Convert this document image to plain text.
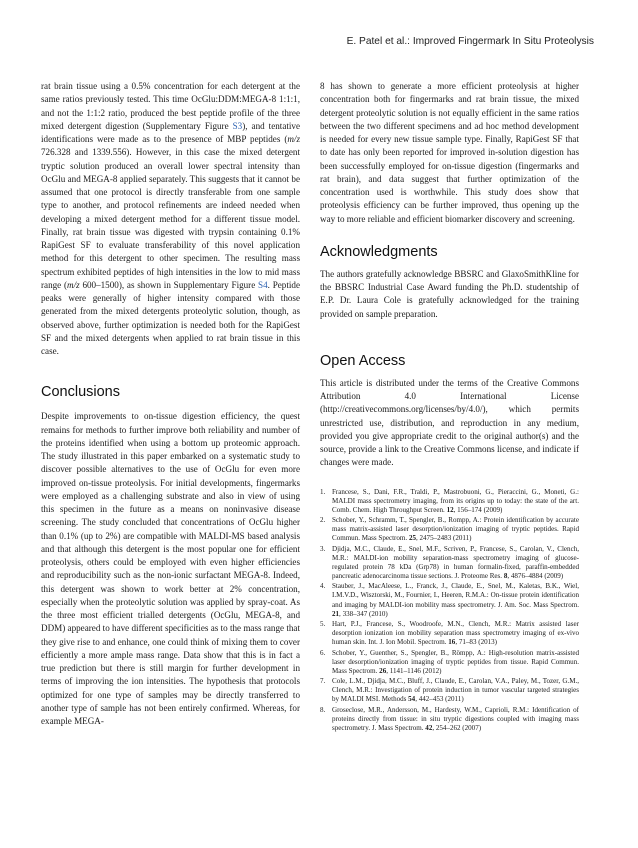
E. Patel et al.: Improved Fingermark In Situ Proteolysis

rat brain tissue using a 0.5% concentration for each detergent at the same ratios previously tested. This time OcGlu:DDM:MEGA-8 1:1:1, and not the 1:1:2 ratio, produced the best peptide profile of the three mixed detergent digestion (Supplementary Figure S3), and tentative identifications were made as to the presence of MBP peptides (m/z 726.328 and 1339.556). However, in this case the mixed detergent tryptic solution produced an overall lower spectral intensity than OcGlu and MEGA-8 applied separately. This suggests that it cannot be assumed that one protocol is directly transferable from one sample type to another, and protocol refinements are indeed needed when developing a mixed detergent method for a different tissue model. Finally, rat brain tissue was digested with trypsin containing 0.1% RapiGest SF to evaluate transferability of this novel application method for this detergent to other specimen. The resulting mass spectrum exhibited peptides of high intensities in the low to mid mass range (m/z 600–1500), as shown in Supplementary Figure S4. Peptide peaks were generally of higher intensity compared with those generated from the mixed detergents proteolytic solution, though, as observed above, further optimization is needed both for the RapiGest SF and the mixed detergents when applied to rat brain tissue in this case.

Conclusions

Despite improvements to on-tissue digestion efficiency, the quest remains for methods to further improve both reliability and number of the proteins identified when using a bottom up proteomic approach. The study illustrated in this paper embarked on a systematic study to discover possible alternatives to the use of OcGlu for even more improved on-tissue proteolysis. For initial developments, fingermarks were employed as a challenging substrate and also in view of using this specimen in the future as a means on noninvasive disease screening. The study concluded that concentrations of OcGlu higher than 0.1% (up to 2%) are compatible with MALDI-MS based analysis and that although this detergent is the most popular one for efficient proteolysis, others could be employed with even higher efficiencies and reproducibility such as the non-ionic surfactant MEGA-8. Indeed, this detergent was shown to work better at 2% concentration, especially when the proteolytic solution was applied by spray-coat. As the three most efficient trialled detergents (OcGlu, MEGA-8, and DDM) appeared to have different specificities as to the mass range that they give rise to and enhance, one could think of mixing them to cover efficiently a more ample mass range. Data show that this is in fact a true prediction but there is still margin for further development in terms of improving the ion intensities. The hypothesis that protocols optimized for one type of samples may be directly transferred to another type of sample has not been entirely confirmed. Whereas, for example MEGA-

8 has shown to generate a more efficient proteolysis at higher concentration both for fingermarks and rat brain tissue, the mixed detergent proteolytic solution is not equally efficient in the same ratios between the two different specimens and ad hoc method development is needed for every new tissue sample type. Finally, RapiGest SF that to date has only been reported for improved in-solution digestion has been successfully employed for on-tissue digestion (fingermarks and rat brain), and data suggest that further optimization of the concentration used is worthwhile. This study does show that proteolysis efficiency can be further improved, thus opening up the way to more reliable and efficient biomarker discovery and screening.

Acknowledgments

The authors gratefully acknowledge BBSRC and GlaxoSmithKline for the BBSRC Industrial Case Award funding the Ph.D. studentship of E.P. Dr. Laura Cole is gratefully acknowledged for the training provided on sample preparation.

Open Access

This article is distributed under the terms of the Creative Commons Attribution 4.0 International License (http://creativecommons.org/licenses/by/4.0/), which permits unrestricted use, distribution, and reproduction in any medium, provided you give appropriate credit to the original author(s) and the source, provide a link to the Creative Commons license, and indicate if changes were made.

1. Francese, S., Dani, F.R., Traldi, P., Mastrobuoni, G., Pieraccini, G., Moneti, G.: MALDI mass spectrometry imaging, from its origins up to today: the state of the art. Comb. Chem. High Throughput Screen. 12, 156–174 (2009)
2. Schober, Y., Schramm, T., Spengler, B., Rompp, A.: Protein identification by accurate mass matrix-assisted laser desorption/ionization imaging of tryptic peptides. Rapid Commun. Mass Spectrom. 25, 2475–2483 (2011)
3. Djidja, M.C., Claude, E., Snel, M.F., Scriven, P., Francese, S., Carolan, V., Clench, M.R.: MALDI-ion mobility separation-mass spectrometry imaging of glucose-regulated protein 78 kDa (Grp78) in human formalin-fixed, paraffin-embedded pancreatic adenocarcinoma tissue sections. J. Proteome Res. 8, 4876–4884 (2009)
4. Stauber, J., MacAleese, L., Franck, J., Claude, E., Snel, M., Kaletas, B.K., Wiel, I.M.V.D., Wisztorski, M., Fournier, I., Heeren, R.M.A.: On-tissue protein identification and imaging by MALDI-ion mobility mass spectrometry. J. Am. Soc. Mass Spectrom. 21, 338–347 (2010)
5. Hart, P.J., Francese, S., Woodroofe, M.N., Clench, M.R.: Matrix assisted laser desorption ionization ion mobility separation mass spectrometry imaging of ex-vivo human skin. Int. J. Ion Mobil. Spectrom. 16, 71–83 (2013)
6. Schober, Y., Guenther, S., Spengler, B., Römpp, A.: High-resolution matrix-assisted laser desorption/ionization imaging of tryptic peptides from tissue. Rapid Commun. Mass Spectrom. 26, 1141–1146 (2012)
7. Cole, L.M., Djidja, M.C., Bluff, J., Claude, E., Carolan, V.A., Paley, M., Tozer, G.M., Clench, M.R.: Investigation of protein induction in tumor vascular targeted strategies by MALDI MSI. Methods 54, 442–453 (2011)
8. Groseclose, M.R., Andersson, M., Hardesty, W.M., Caprioli, R.M.: Identification of proteins directly from tissue: in situ tryptic digestions coupled with imaging mass spectrometry. J. Mass Spectrom. 42, 254–262 (2007)
